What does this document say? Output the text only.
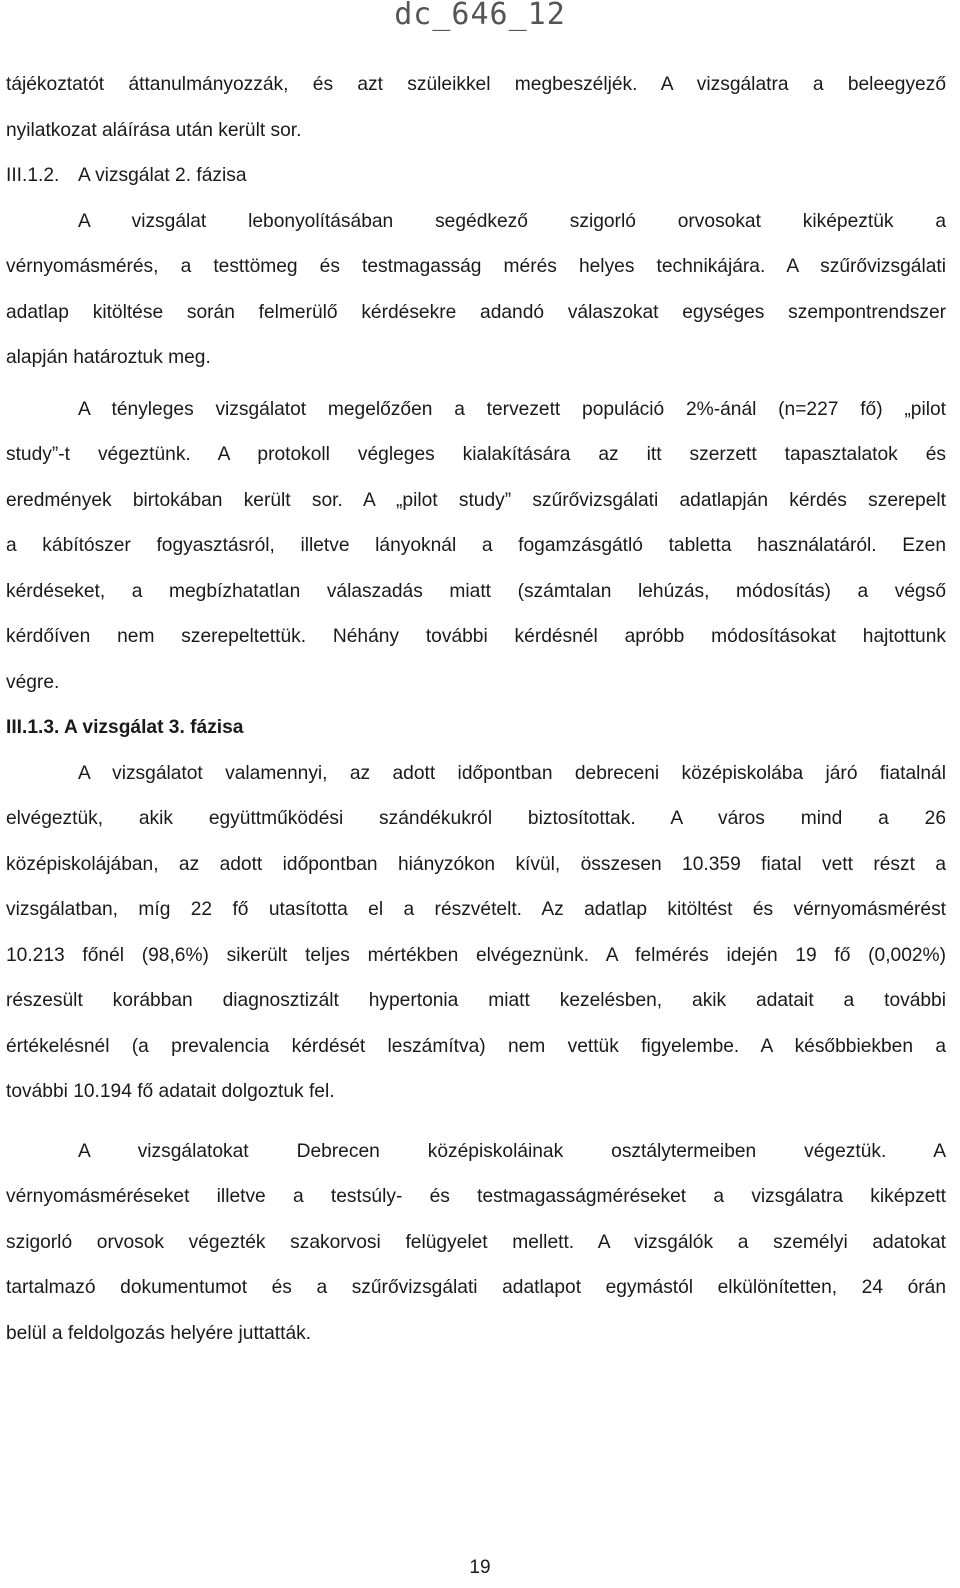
dc_646_12

tájékoztatót áttanulmányozzák, és azt szüleikkel megbeszéljék. A vizsgálatra a beleegyező
nyilatkozat aláírása után került sor.

III.1.2. A vizsgálat 2. fázisa

A vizsgálat lebonyolításában segédkező szigorló orvosokat kiképeztük a
vérnyomásmérés, a testtömeg és testmagasság mérés helyes technikájára. A szűrővizsgálati
adatlap kitöltése során felmerülő kérdésekre adandó válaszokat egységes szempontrendszer
alapján határoztuk meg.

A tényleges vizsgálatot megelőzően a tervezett populáció 2%-ánál (n=227 fő) „pilot
study”-t végeztünk. A protokoll végleges kialakítására az itt szerzett tapasztalatok és
eredmények birtokában került sor. A „pilot study” szűrővizsgálati adatlapján kérdés szerepelt
a kábítószer fogyasztásról, illetve lányoknál a fogamzásgátló tabletta használatáról. Ezen
kérdéseket, a megbízhatatlan válaszadás miatt (számtalan lehúzás, módosítás) a végső
kérdőíven nem szerepeltettük. Néhány további kérdésnél apróbb módosításokat hajtottunk
végre.

III.1.3. A vizsgálat 3. fázisa

A vizsgálatot valamennyi, az adott időpontban debreceni középiskolába járó fiatalnál
elvégeztük, akik együttműködési szándékukról biztosítottak. A város mind a 26
középiskolájában, az adott időpontban hiányzókon kívül, összesen 10.359 fiatal vett részt a
vizsgálatban, míg 22 fő utasította el a részvételt. Az adatlap kitöltést és vérnyomásmérést
10.213 főnél (98,6%) sikerült teljes mértékben elvégeznünk. A felmérés idején 19 fő (0,002%)
részesült korábban diagnosztizált hypertonia miatt kezelésben, akik adatait a további
értékelésnél (a prevalencia kérdését leszámítva) nem vettük figyelembe. A későbbiekben a
további 10.194 fő adatait dolgoztuk fel.

A vizsgálatokat Debrecen középiskoláinak osztálytermeiben végeztük. A
vérnyomásméréseket illetve a testsúly- és testmagasságméréseket a vizsgálatra kiképzett
szigorló orvosok végezték szakorvosi felügyelet mellett. A vizsgálók a személyi adatokat
tartalmazó dokumentumot és a szűrővizsgálati adatlapot egymástól elkülönítetten, 24 órán
belül a feldolgozás helyére juttatták.

19
